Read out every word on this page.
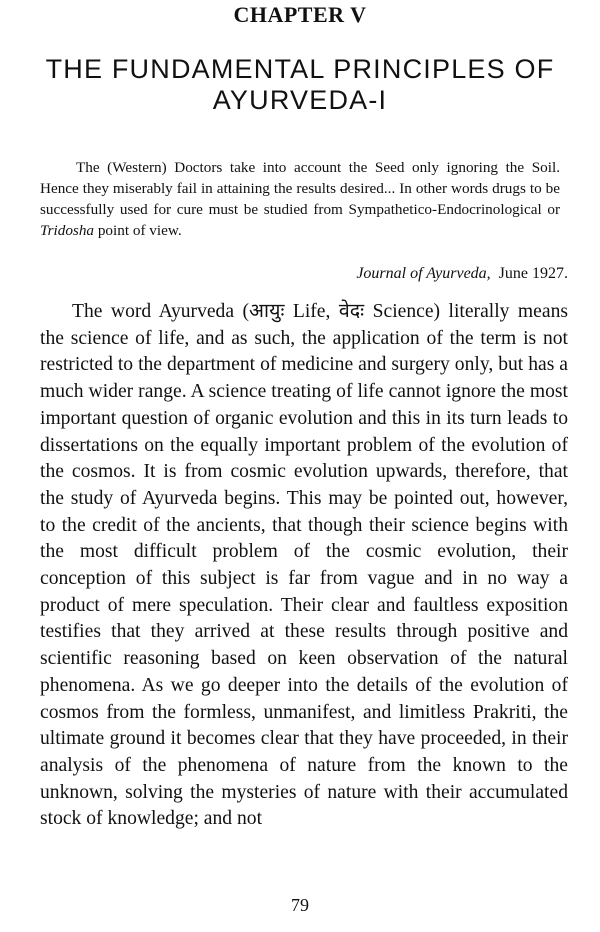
CHAPTER V
THE FUNDAMENTAL PRINCIPLES OF
AYURVEDA-I

The (Western) Doctors take into account the Seed only ignoring the Soil. Hence they miserably fail in attaining the results desired... In other words drugs to be successfully used for cure must be studied from Sympathetico-Endocrinological or Tridosha point of view.

Journal of Ayurveda, June 1927.

The word Ayurveda (आयुः Life, वेदः Science) literally means the science of life, and as such, the application of the term is not restricted to the department of medicine and surgery only, but has a much wider range. A science treating of life cannot ignore the most important question of organic evolution and this in its turn leads to dissertations on the equally important problem of the evolution of the cosmos. It is from cosmic evolution upwards, therefore, that the study of Ayurveda begins. This may be pointed out, however, to the credit of the ancients, that though their science begins with the most difficult problem of the cosmic evolution, their conception of this subject is far from vague and in no way a product of mere speculation. Their clear and faultless exposition testifies that they arrived at these results through positive and scientific reasoning based on keen observation of the natural phenomena. As we go deeper into the details of the evolution of cosmos from the formless, unmanifest, and limitless Prakriti, the ultimate ground it becomes clear that they have proceeded, in their analysis of the phenomena of nature from the known to the unknown, solving the mysteries of nature with their accumulated stock of knowledge; and not

79
